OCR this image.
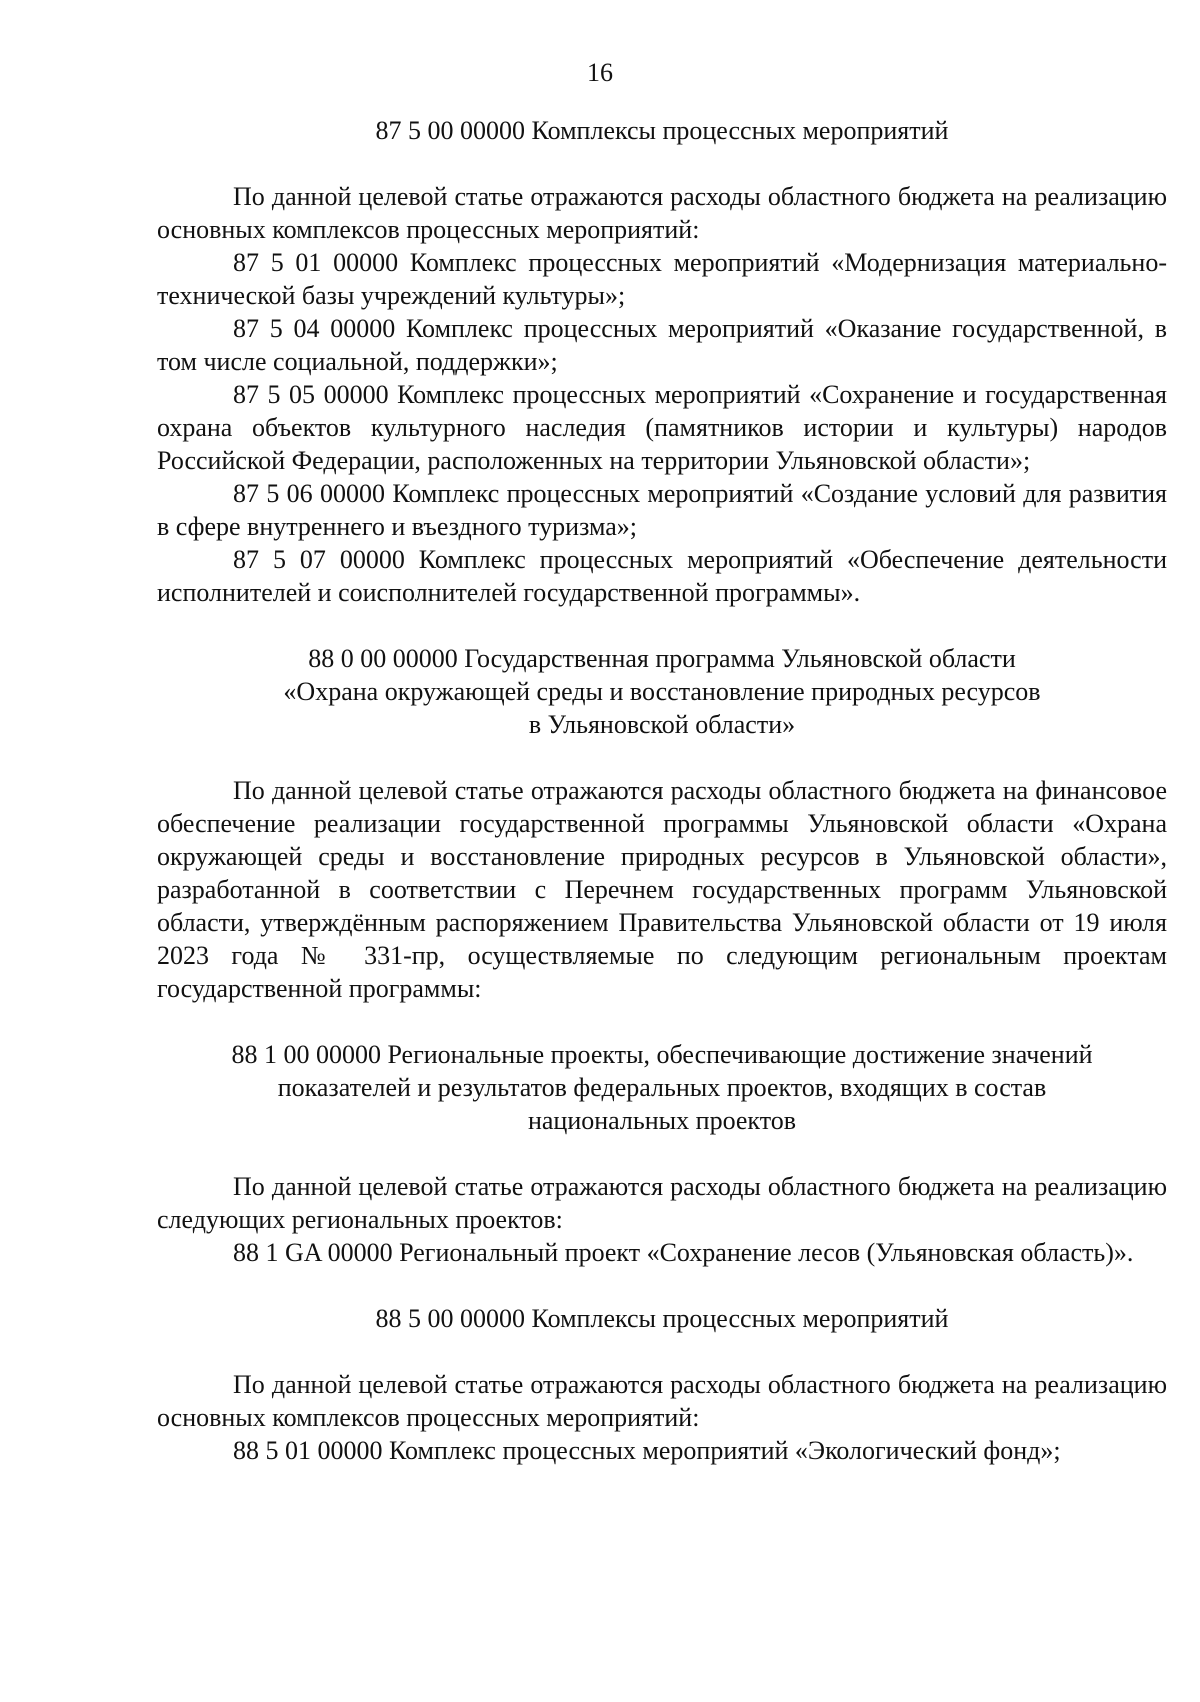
16

87 5 00 00000 Комплексы процессных мероприятий

По данной целевой статье отражаются расходы областного бюджета на реализацию основных комплексов процессных мероприятий:

87 5 01 00000 Комплекс процессных мероприятий «Модернизация материально-технической базы учреждений культуры»;

87 5 04 00000 Комплекс процессных мероприятий «Оказание государственной, в том числе социальной, поддержки»;

87 5 05 00000 Комплекс процессных мероприятий «Сохранение и государственная охрана объектов культурного наследия (памятников истории и культуры) народов Российской Федерации, расположенных на территории Ульяновской области»;

87 5 06 00000 Комплекс процессных мероприятий «Создание условий для развития в сфере внутреннего и въездного туризма»;

87 5 07 00000 Комплекс процессных мероприятий «Обеспечение деятельности исполнителей и соисполнителей государственной программы».

88 0 00 00000 Государственная программа Ульяновской области

«Охрана окружающей среды и восстановление природных ресурсов

в Ульяновской области»

По данной целевой статье отражаются расходы областного бюджета на финансовое обеспечение реализации государственной программы Ульяновской области «Охрана окружающей среды и восстановление природных ресурсов в Ульяновской области», разработанной в соответствии с Перечнем государственных программ Ульяновской области, утверждённым распоряжением Правительства Ульяновской области от 19 июля 2023 года № 331-пр, осуществляемые по следующим региональным проектам государственной программы:

88 1 00 00000 Региональные проекты, обеспечивающие достижение значений

показателей и результатов федеральных проектов, входящих в состав

национальных проектов

По данной целевой статье отражаются расходы областного бюджета на реализацию следующих региональных проектов:

88 1 GA 00000 Региональный проект «Сохранение лесов (Ульяновская область)».

88 5 00 00000 Комплексы процессных мероприятий

По данной целевой статье отражаются расходы областного бюджета на реализацию основных комплексов процессных мероприятий:

88 5 01 00000 Комплекс процессных мероприятий «Экологический фонд»;
